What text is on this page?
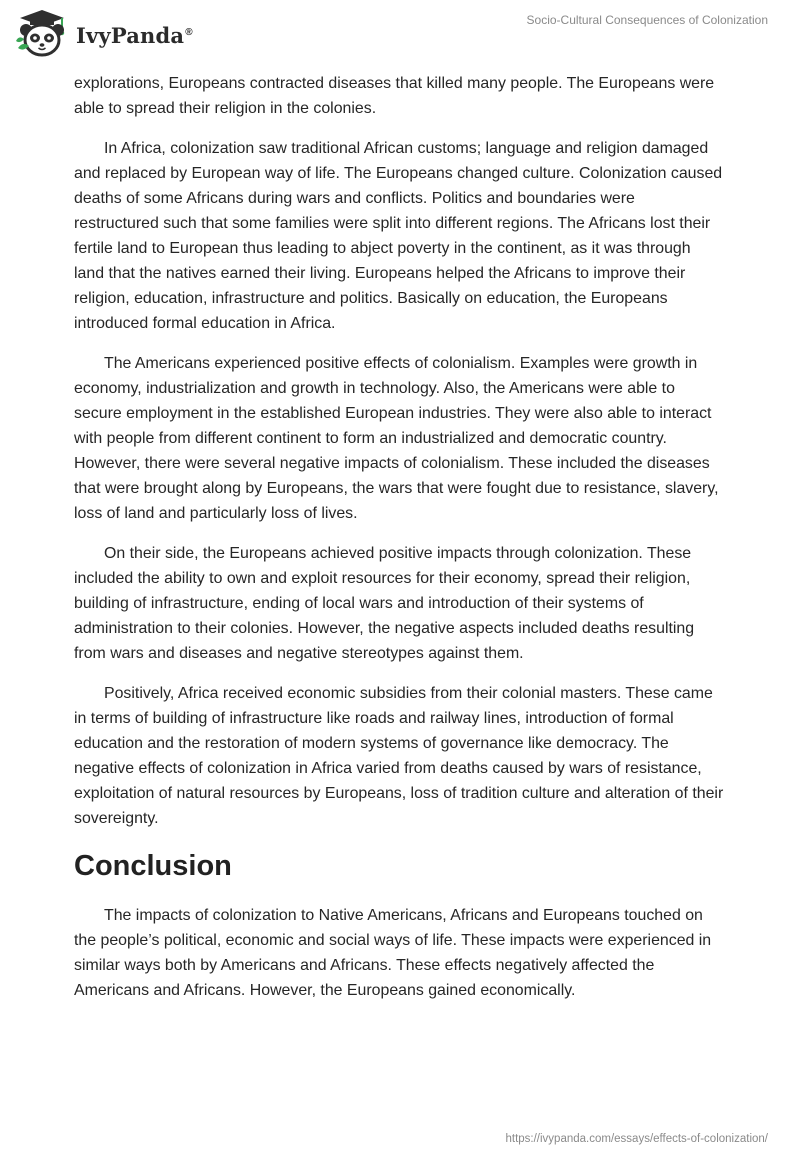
IvyPanda®
Socio-Cultural Consequences of Colonization

explorations, Europeans contracted diseases that killed many people. The Europeans were able to spread their religion in the colonies.

In Africa, colonization saw traditional African customs; language and religion damaged and replaced by European way of life. The Europeans changed culture. Colonization caused deaths of some Africans during wars and conflicts. Politics and boundaries were restructured such that some families were split into different regions. The Africans lost their fertile land to European thus leading to abject poverty in the continent, as it was through land that the natives earned their living. Europeans helped the Africans to improve their religion, education, infrastructure and politics. Basically on education, the Europeans introduced formal education in Africa.

The Americans experienced positive effects of colonialism. Examples were growth in economy, industrialization and growth in technology. Also, the Americans were able to secure employment in the established European industries. They were also able to interact with people from different continent to form an industrialized and democratic country. However, there were several negative impacts of colonialism. These included the diseases that were brought along by Europeans, the wars that were fought due to resistance, slavery, loss of land and particularly loss of lives.

On their side, the Europeans achieved positive impacts through colonization. These included the ability to own and exploit resources for their economy, spread their religion, building of infrastructure, ending of local wars and introduction of their systems of administration to their colonies. However, the negative aspects included deaths resulting from wars and diseases and negative stereotypes against them.

Positively, Africa received economic subsidies from their colonial masters. These came in terms of building of infrastructure like roads and railway lines, introduction of formal education and the restoration of modern systems of governance like democracy. The negative effects of colonization in Africa varied from deaths caused by wars of resistance, exploitation of natural resources by Europeans, loss of tradition culture and alteration of their sovereignty.

Conclusion

The impacts of colonization to Native Americans, Africans and Europeans touched on the people’s political, economic and social ways of life. These impacts were experienced in similar ways both by Americans and Africans. These effects negatively affected the Americans and Africans. However, the Europeans gained economically.

https://ivypanda.com/essays/effects-of-colonization/
